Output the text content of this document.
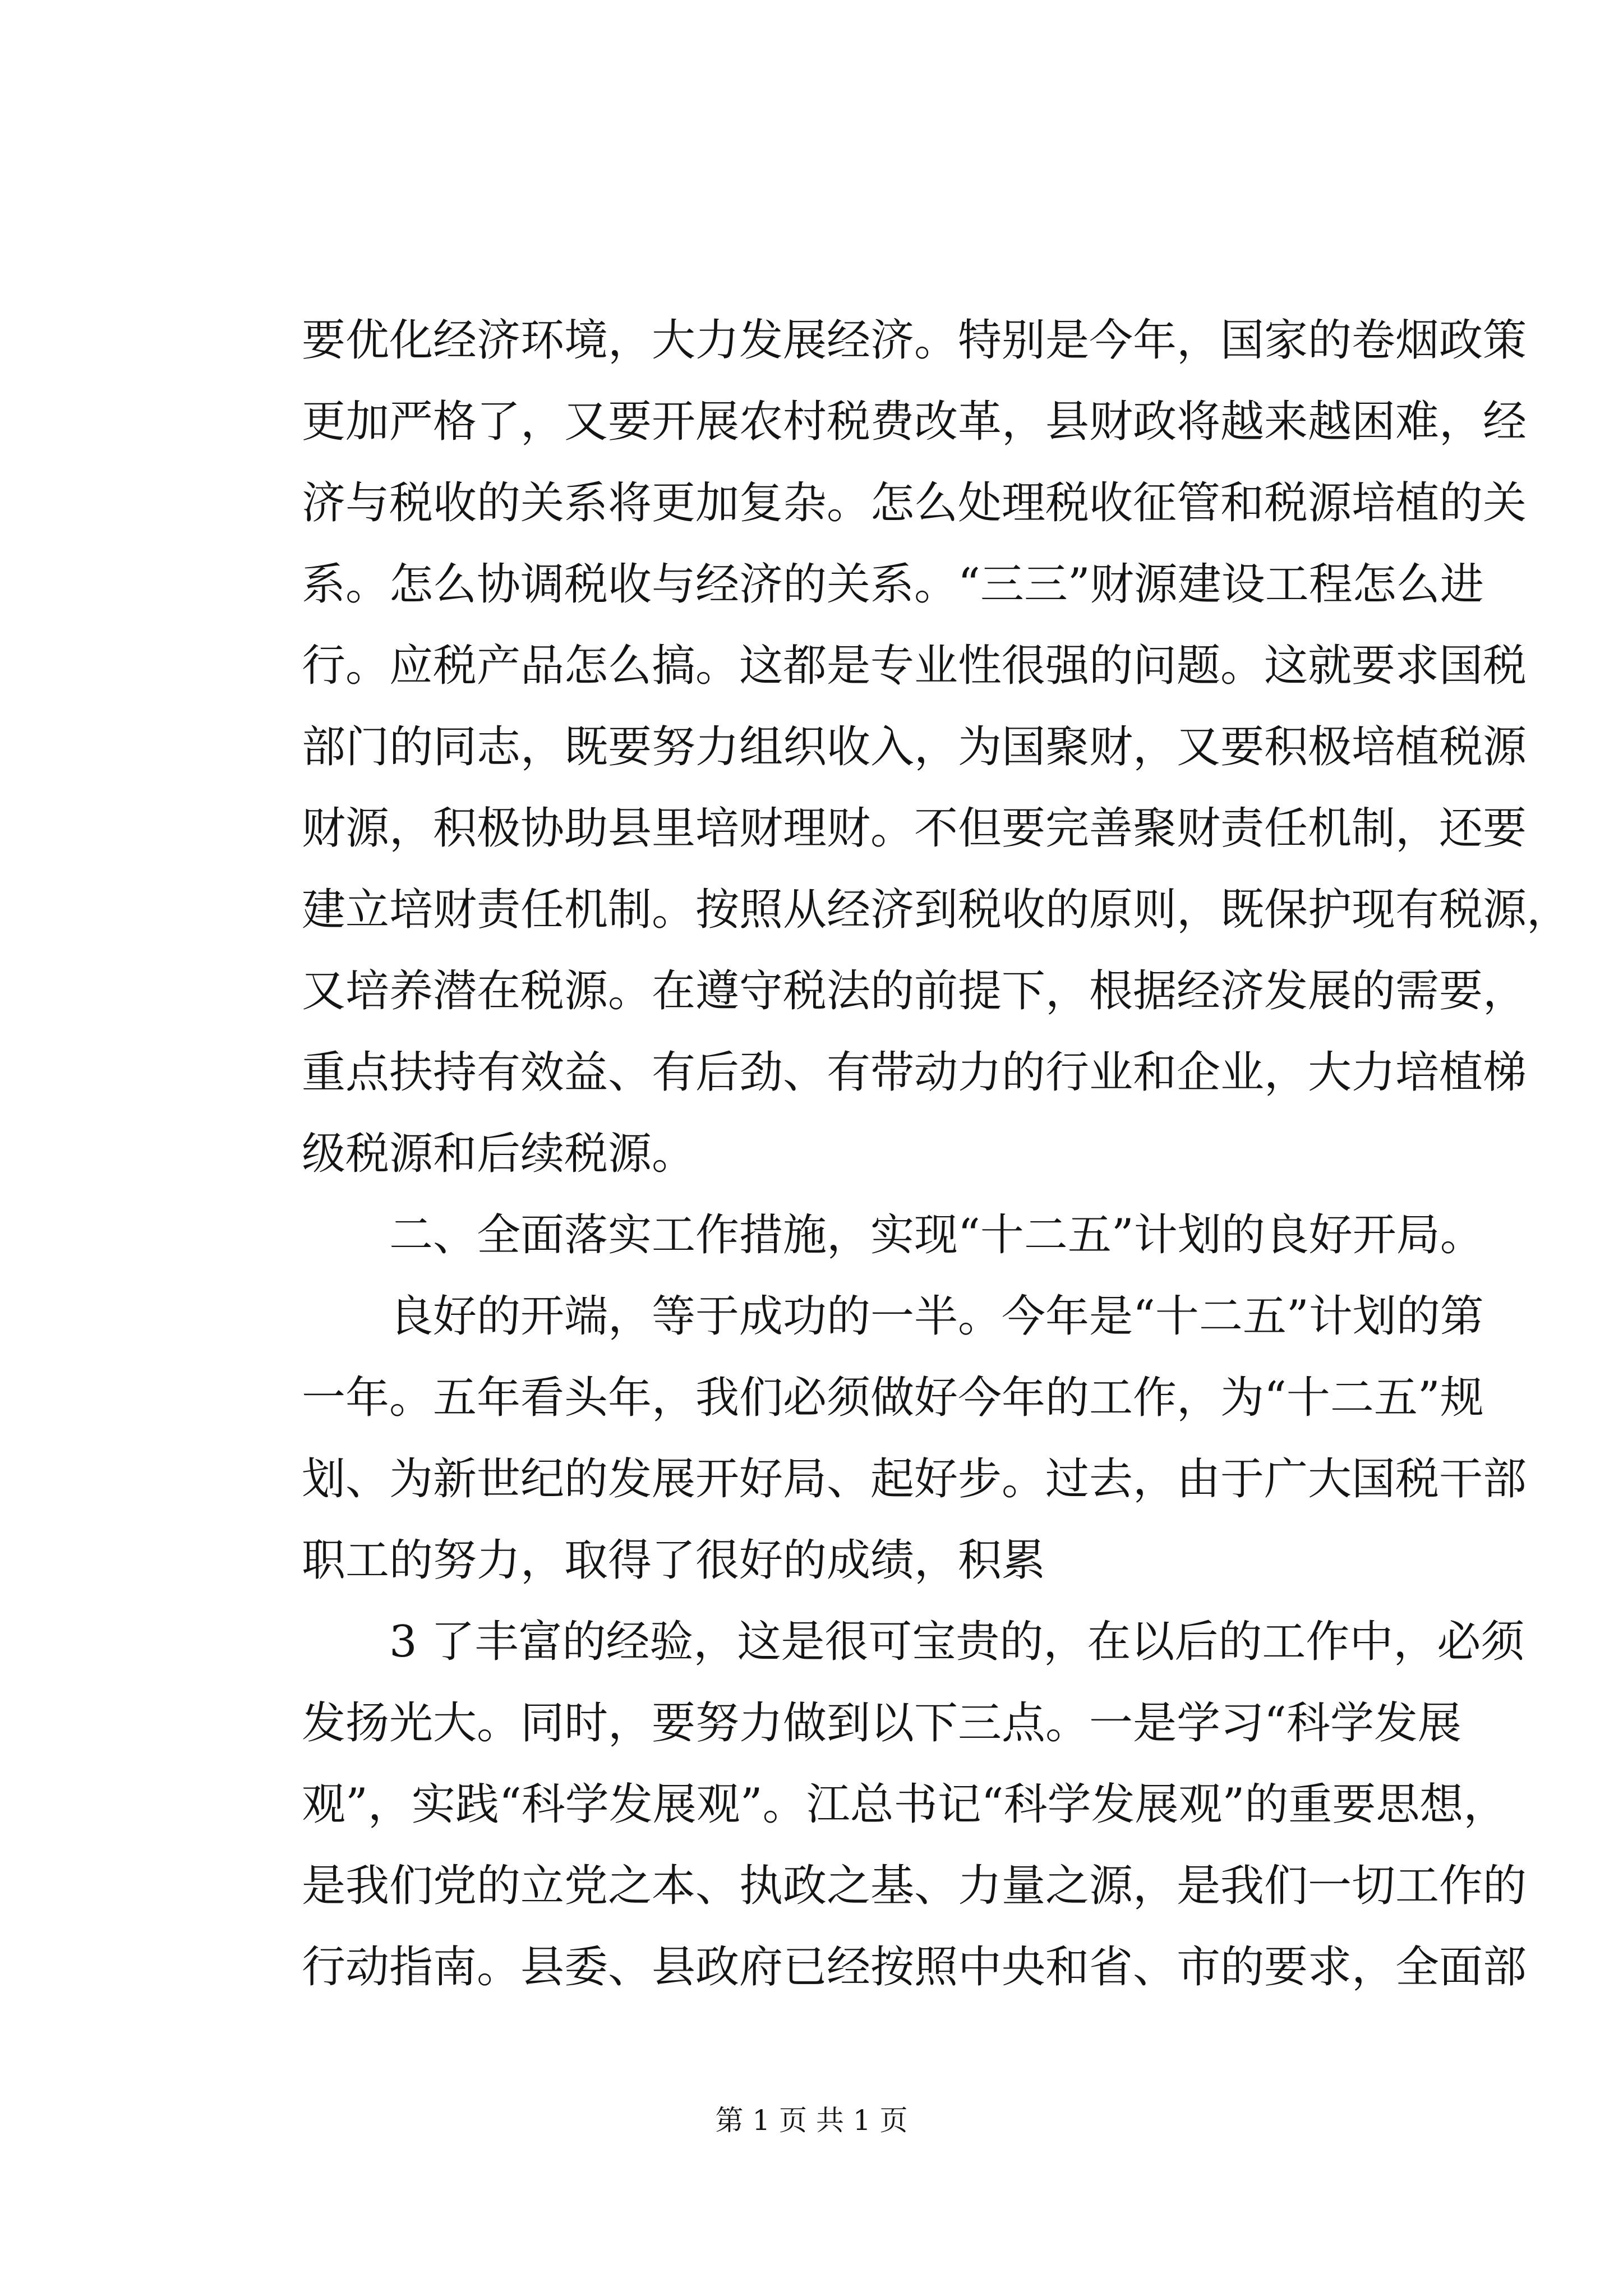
要优化经济环境，大力发展经济。特别是今年，国家的卷烟政策
更加严格了，又要开展农村税费改革，县财政将越来越困难，经
济与税收的关系将更加复杂。怎么处理税收征管和税源培植的关
系。怎么协调税收与经济的关系。“三三”财源建设工程怎么进
行。应税产品怎么搞。这都是专业性很强的问题。这就要求国税
部门的同志，既要努力组织收入，为国聚财，又要积极培植税源
财源，积极协助县里培财理财。不但要完善聚财责任机制，还要
建立培财责任机制。按照从经济到税收的原则，既保护现有税源，
又培养潜在税源。在遵守税法的前提下，根据经济发展的需要，
重点扶持有效益、有后劲、有带动力的行业和企业，大力培植梯
级税源和后续税源。
二、全面落实工作措施，实现“十二五”计划的良好开局。
良好的开端，等于成功的一半。今年是“十二五”计划的第
一年。五年看头年，我们必须做好今年的工作，为“十二五”规
划、为新世纪的发展开好局、起好步。过去，由于广大国税干部
职工的努力，取得了很好的成绩，积累
3 了丰富的经验，这是很可宝贵的，在以后的工作中，必须
发扬光大。同时，要努力做到以下三点。一是学习“科学发展
观”，实践“科学发展观”。江总书记“科学发展观”的重要思想，
是我们党的立党之本、执政之基、力量之源，是我们一切工作的
行动指南。县委、县政府已经按照中央和省、市的要求，全面部
第 1 页 共 1 页
